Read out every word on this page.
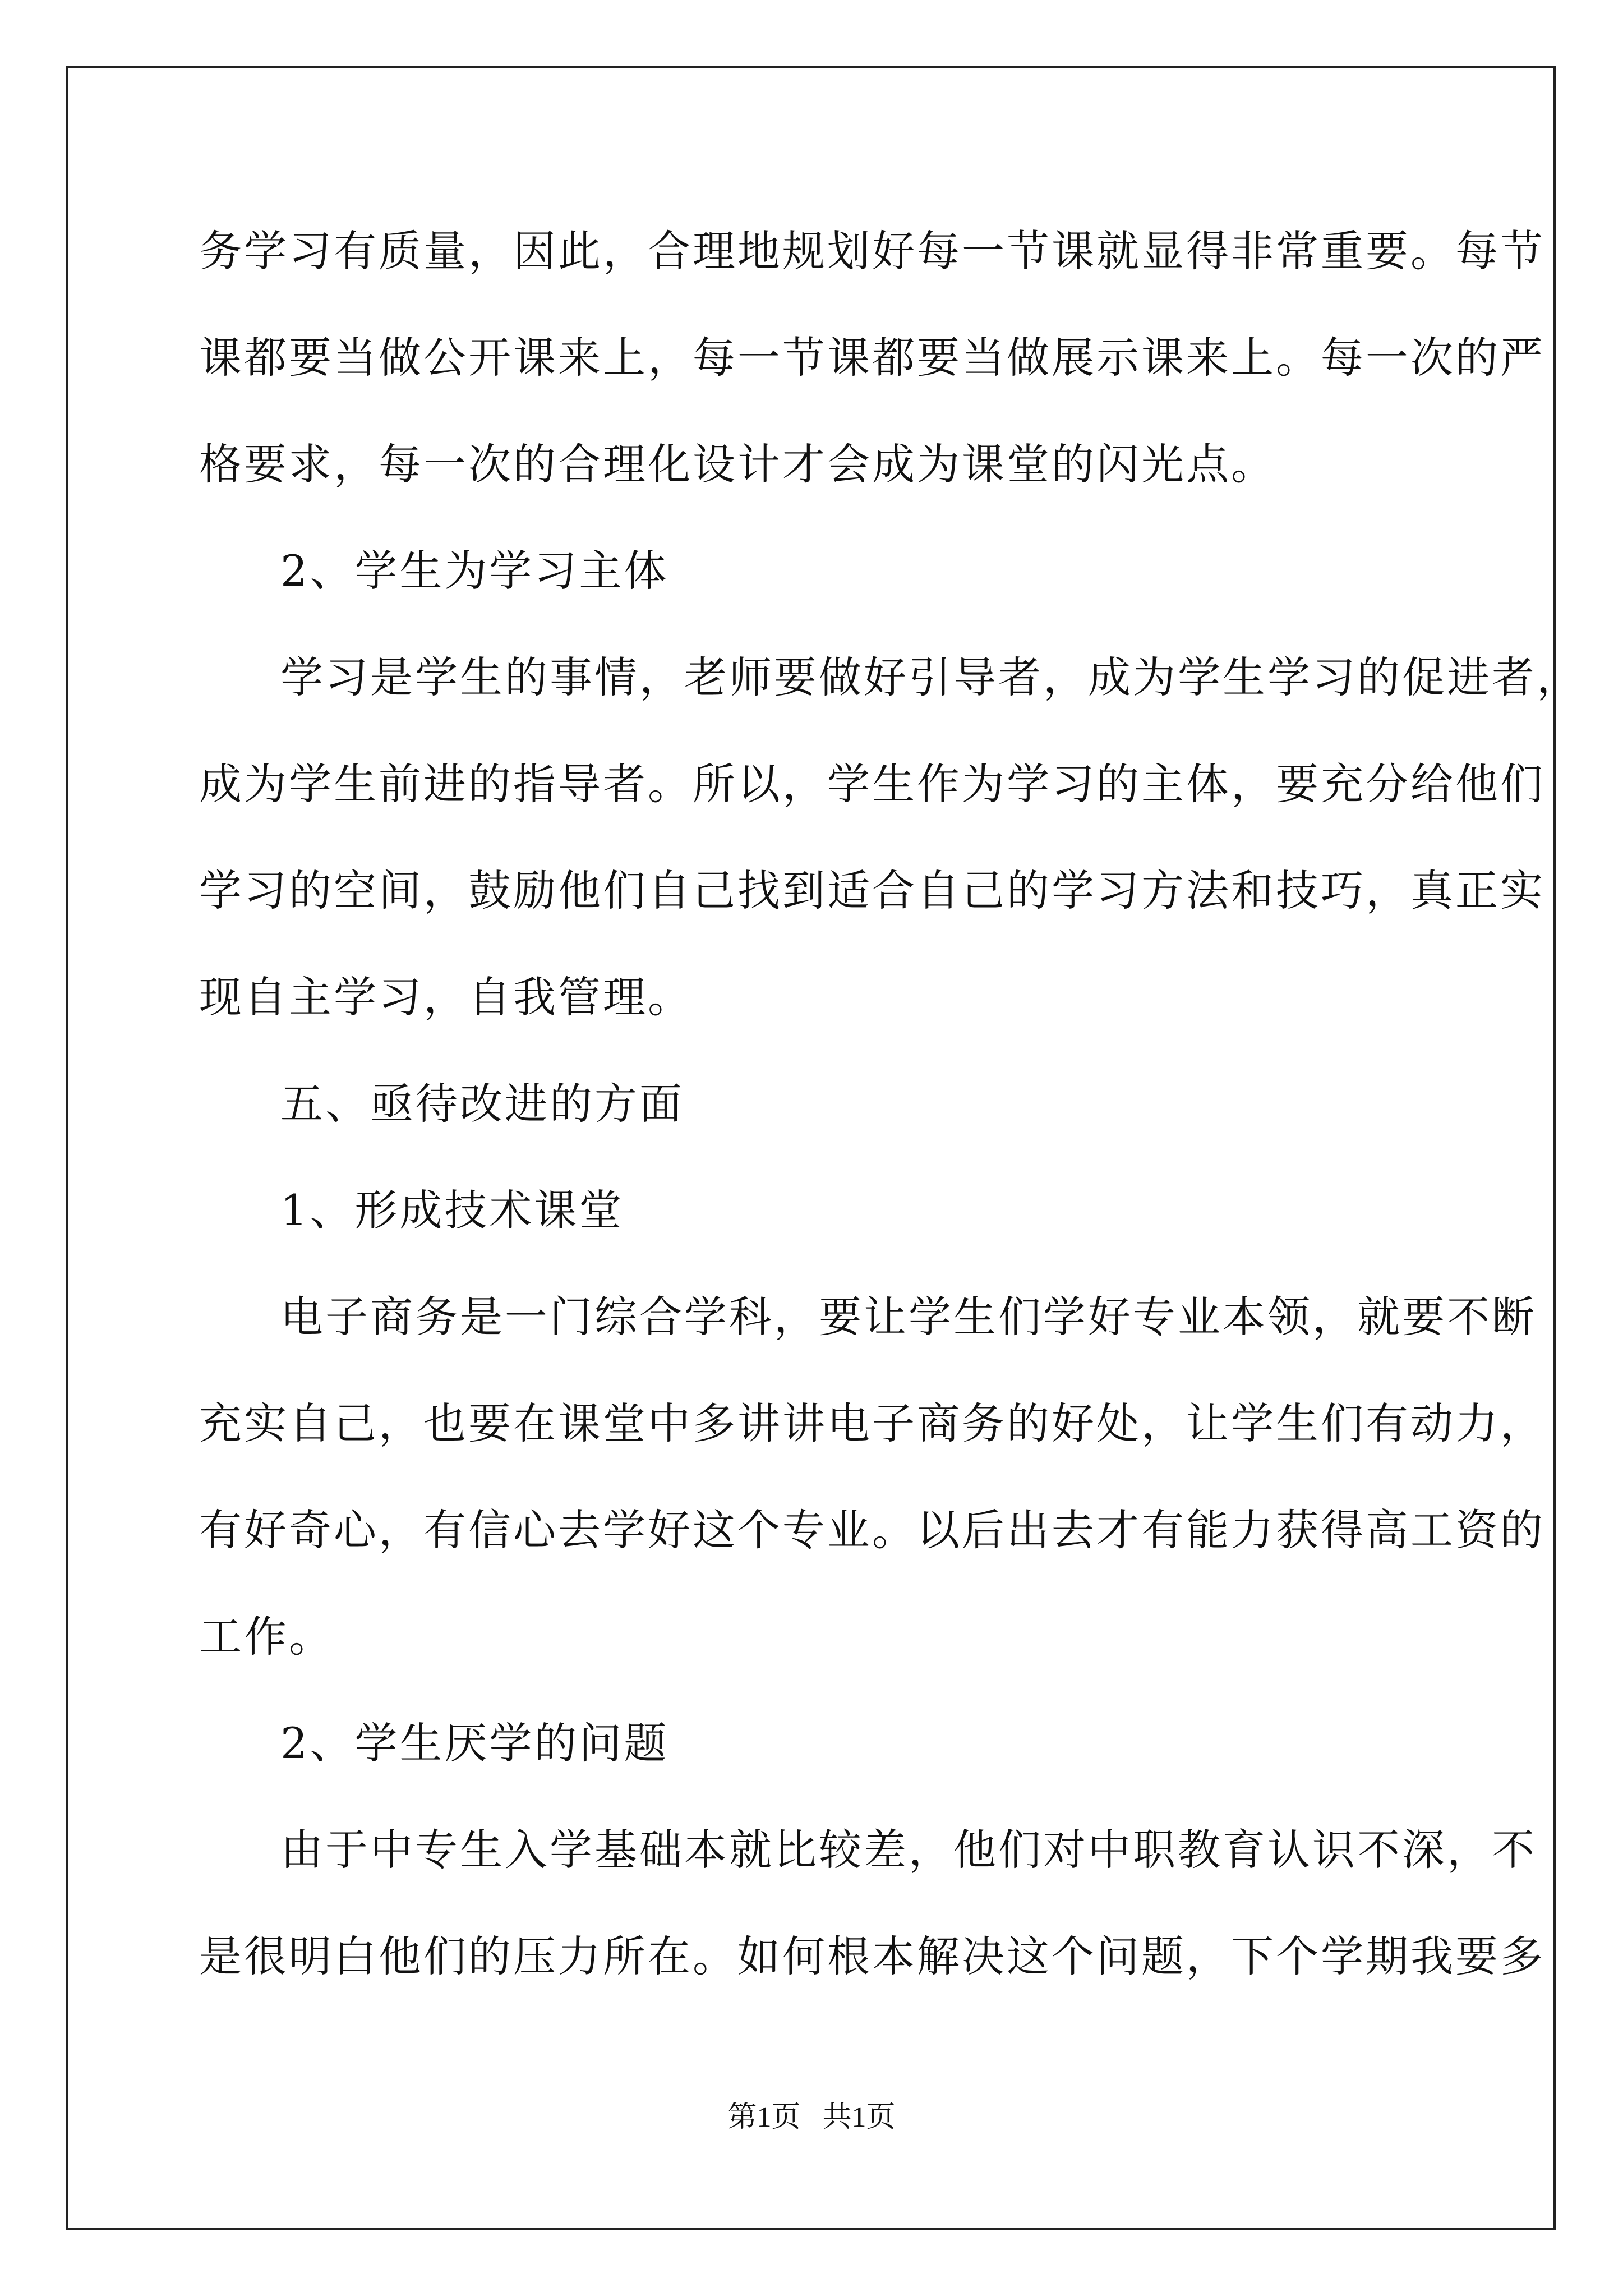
务学习有质量，因此，合理地规划好每一节课就显得非常重要。每节
课都要当做公开课来上，每一节课都要当做展示课来上。每一次的严
格要求，每一次的合理化设计才会成为课堂的闪光点。
2、学生为学习主体
学习是学生的事情，老师要做好引导者，成为学生学习的促进者，
成为学生前进的指导者。所以，学生作为学习的主体，要充分给他们
学习的空间，鼓励他们自己找到适合自己的学习方法和技巧，真正实
现自主学习，自我管理。
五、亟待改进的方面
1、形成技术课堂
电子商务是一门综合学科，要让学生们学好专业本领，就要不断
充实自己，也要在课堂中多讲讲电子商务的好处，让学生们有动力，
有好奇心，有信心去学好这个专业。以后出去才有能力获得高工资的
工作。
2、学生厌学的问题
由于中专生入学基础本就比较差，他们对中职教育认识不深，不
是很明白他们的压力所在。如何根本解决这个问题，下个学期我要多
第1页   共1页
